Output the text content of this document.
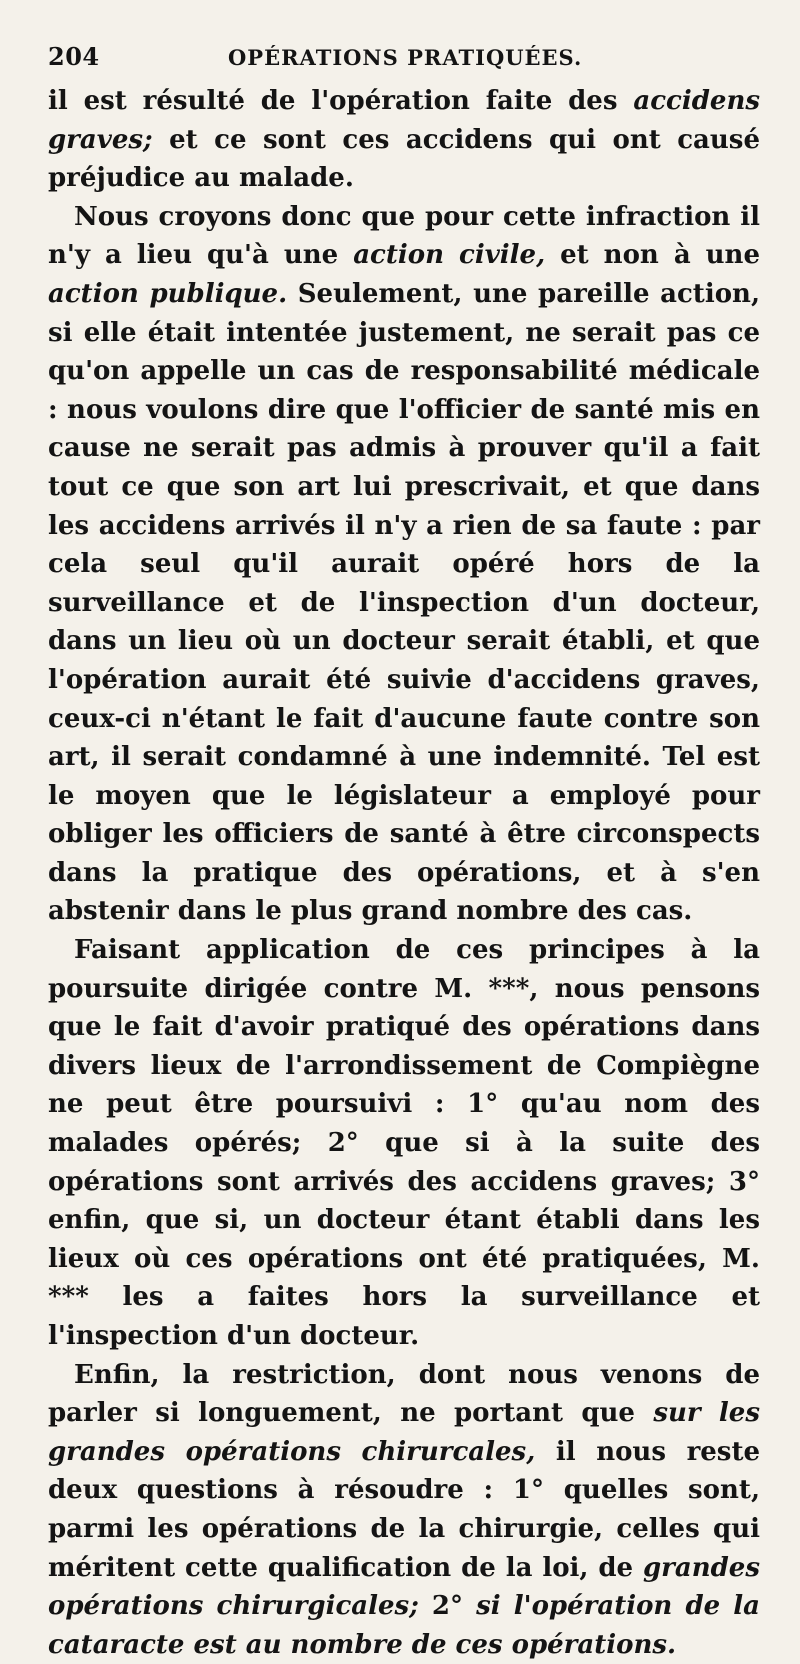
204	OPÉRATIONS PRATIQUÉES.

il est résulté de l'opération faite des accidens graves; et ce sont ces accidens qui ont causé préjudice au malade.

Nous croyons donc que pour cette infraction il n'y a lieu qu'à une action civile, et non à une action publique. Seulement, une pareille action, si elle était intentée justement, ne serait pas ce qu'on appelle un cas de responsabilité médicale : nous voulons dire que l'officier de santé mis en cause ne serait pas admis à prouver qu'il a fait tout ce que son art lui prescrivait, et que dans les accidens arrivés il n'y a rien de sa faute : par cela seul qu'il aurait opéré hors de la surveillance et de l'inspection d'un docteur, dans un lieu où un docteur serait établi, et que l'opération aurait été suivie d'accidens graves, ceux-ci n'étant le fait d'aucune faute contre son art, il serait condamné à une indemnité. Tel est le moyen que le législateur a employé pour obliger les officiers de santé à être circonspects dans la pratique des opérations, et à s'en abstenir dans le plus grand nombre des cas.

Faisant application de ces principes à la poursuite dirigée contre M. ***, nous pensons que le fait d'avoir pratiqué des opérations dans divers lieux de l'arrondissement de Compiègne ne peut être poursuivi : 1° qu'au nom des malades opérés; 2° que si à la suite des opérations sont arrivés des accidens graves; 3° enfin, que si, un docteur étant établi dans les lieux où ces opérations ont été pratiquées, M. *** les a faites hors la surveillance et l'inspection d'un docteur.

Enfin, la restriction, dont nous venons de parler si longuement, ne portant que sur les grandes opérations chirurcales, il nous reste deux questions à résoudre : 1° quelles sont, parmi les opérations de la chirurgie, celles qui méritent cette qualification de la loi, de grandes opérations chirurgicales; 2° si l'opération de la cataracte est au nombre de ces opérations.
